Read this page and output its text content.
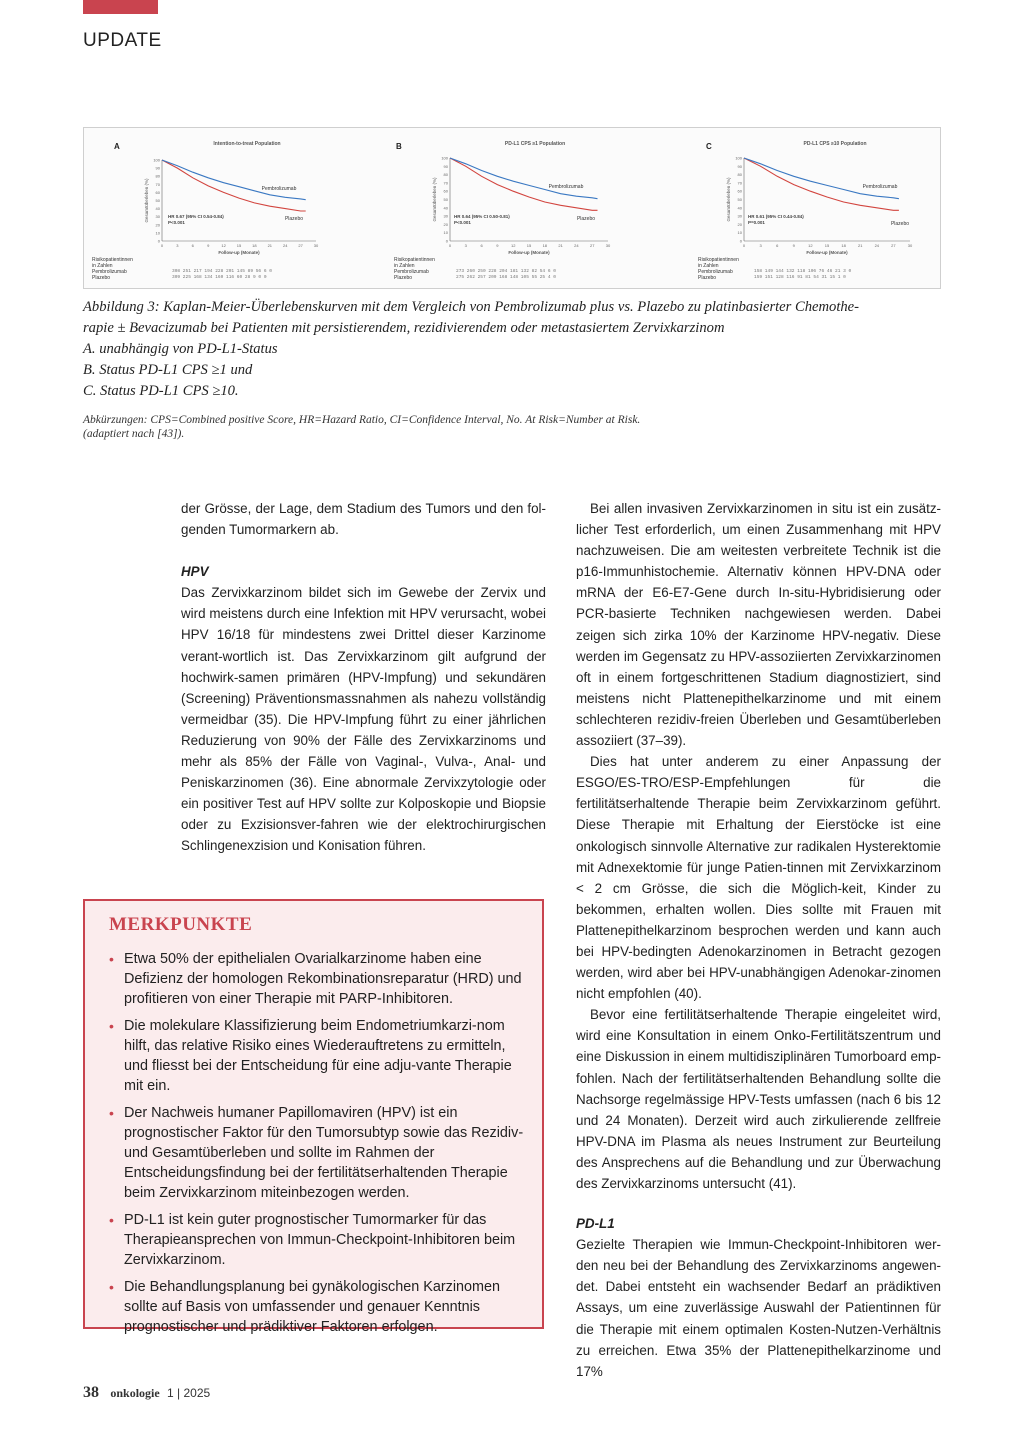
UPDATE
A	Intention-to-treat Population
100
90
80
70
60
50
40
30
20
10
0
0	3	6	9	12	15	18	21	24	27	30
Gesamtüberleben (%)
Follow-up (Monate)
Pembrolizumab
Plazebo
HR 0.67 (95% CI 0.54-0.84)
P<0.001
Risikopatientinnen
in Zahlen
Pembrolizumab
Plazebo
308 251 217 194 228 201 145 89 56 6 0
309 225 168 134 160 116 60 28 9 0 0
B	PD-L1 CPS ≥1 Population
100
90
80
70
60
50
40
30
20
10
0
0	3	6	9	12	15	18	21	24	27	30
Gesamtüberleben (%)
Follow-up (Monate)
Pembrolizumab
Plazebo
HR 0.64 (95% CI 0.50-0.81)
P<0.001
Risikopatientinnen
in Zahlen
Pembrolizumab
Plazebo
273 260 250 228 204 181 132 82 54 6 0
275 262 257 209 168 148 105 55 25 4 0
C	PD-L1 CPS ≥10 Population
100
90
80
70
60
50
40
30
20
10
0
0	3	6	9	12	15	18	21	24	27	30
Gesamtüberleben (%)
Follow-up (Monate)
Pembrolizumab
Plazebo
HR 0.61 (95% CI 0.44-0.84)
P=0.001
Risikopatientinnen
in Zahlen
Pembrolizumab
Plazebo
158 149 144 132 118 106 76 46 21 3 0
159 151 128 116 91 81 54 31 15 1 0

Abbildung 3: Kaplan-Meier-Überlebenskurven mit dem Vergleich von Pembrolizumab plus vs. Plazebo zu platinbasierter Chemothe-

rapie ± Bevacizumab bei Patienten mit persistierendem, rezidivierendem oder metastasiertem Zervixkarzinom

A. unabhängig von PD-L1-Status

B. Status PD-L1 CPS ≥1 und

C. Status PD-L1 CPS ≥10.

Abkürzungen: CPS=Combined positive Score, HR=Hazard Ratio, CI=Confidence Interval, No. At Risk=Number at Risk.

(adaptiert nach [43]).

der Grösse, der Lage, dem Stadium des Tumors und den fol-genden Tumormarkern ab.

HPV

Das Zervixkarzinom bildet sich im Gewebe der Zervix und wird meistens durch eine Infektion mit HPV verursacht, wobei HPV 16/18 für mindestens zwei Drittel dieser Karzinome verant-wortlich ist. Das Zervixkarzinom gilt aufgrund der hochwirk-samen primären (HPV-Impfung) und sekundären (Screening) Präventionsmassnahmen als nahezu vollständig vermeidbar (35). Die HPV-Impfung führt zu einer jährlichen Reduzierung von 90% der Fälle des Zervixkarzinoms und mehr als 85% der Fälle von Vaginal-, Vulva-, Anal- und Peniskarzinomen (36). Eine abnormale Zervixzytologie oder ein positiver Test auf HPV sollte zur Kolposkopie und Biopsie oder zu Exzisionsver-fahren wie der elektrochirurgischen Schlingenexzision und Konisation führen.

MERKPUNKTE
• Etwa 50% der epithelialen Ovarialkarzinome haben eine Defizienz der homologen Rekombinationsreparatur (HRD) und profitieren von einer Therapie mit PARP-Inhibitoren.
• Die molekulare Klassifizierung beim Endometriumkarzi-nom hilft, das relative Risiko eines Wiederauftretens zu ermitteln, und fliesst bei der Entscheidung für eine adju-vante Therapie mit ein.
• Der Nachweis humaner Papillomaviren (HPV) ist ein prognostischer Faktor für den Tumorsubtyp sowie das Rezidiv- und Gesamtüberleben und sollte im Rahmen der Entscheidungsfindung bei der fertilitätserhaltenden Therapie beim Zervixkarzinom miteinbezogen werden.
• PD-L1 ist kein guter prognostischer Tumormarker für das Therapieansprechen von Immun-Checkpoint-Inhibitoren beim Zervixkarzinom.
• Die Behandlungsplanung bei gynäkologischen Karzinomen sollte auf Basis von umfassender und genauer Kenntnis prognostischer und prädiktiver Faktoren erfolgen.

Bei allen invasiven Zervixkarzinomen in situ ist ein zusätz-licher Test erforderlich, um einen Zusammenhang mit HPV nachzuweisen. Die am weitesten verbreitete Technik ist die p16-Immunhistochemie. Alternativ können HPV-DNA oder mRNA der E6-E7-Gene durch In-situ-Hybridisierung oder PCR-basierte Techniken nachgewiesen werden. Dabei zeigen sich zirka 10% der Karzinome HPV-negativ. Diese werden im Gegensatz zu HPV-assoziierten Zervixkarzinomen oft in einem fortgeschrittenen Stadium diagnostiziert, sind meistens nicht Plattenepithelkarzinome und mit einem schlechteren rezidiv-freien Überleben und Gesamtüberleben assoziiert (37–39).

Dies hat unter anderem zu einer Anpassung der ESGO/ES-TRO/ESP-Empfehlungen für die fertilitätserhaltende Therapie beim Zervixkarzinom geführt. Diese Therapie mit Erhaltung der Eierstöcke ist eine onkologisch sinnvolle Alternative zur radikalen Hysterektomie mit Adnexektomie für junge Patien-tinnen mit Zervixkarzinom < 2 cm Grösse, die sich die Möglich-keit, Kinder zu bekommen, erhalten wollen. Dies sollte mit Frauen mit Plattenepithelkarzinom besprochen werden und kann auch bei HPV-bedingten Adenokarzinomen in Betracht gezogen werden, wird aber bei HPV-unabhängigen Adenokar-zinomen nicht empfohlen (40).

Bevor eine fertilitätserhaltende Therapie eingeleitet wird, wird eine Konsultation in einem Onko-Fertilitätszentrum und eine Diskussion in einem multidisziplinären Tumorboard emp-fohlen. Nach der fertilitätserhaltenden Behandlung sollte die Nachsorge regelmässige HPV-Tests umfassen (nach 6 bis 12 und 24 Monaten). Derzeit wird auch zirkulierende zellfreie HPV-DNA im Plasma als neues Instrument zur Beurteilung des Ansprechens auf die Behandlung und zur Überwachung des Zervixkarzinoms untersucht (41).

PD-L1

Gezielte Therapien wie Immun-Checkpoint-Inhibitoren wer-den neu bei der Behandlung des Zervixkarzinoms angewen-det. Dabei entsteht ein wachsender Bedarf an prädiktiven Assays, um eine zuverlässige Auswahl der Patientinnen für die Therapie mit einem optimalen Kosten-Nutzen-Verhältnis zu erreichen. Etwa 35% der Plattenepithelkarzinome und 17%

38 onkologie 1 | 2025
